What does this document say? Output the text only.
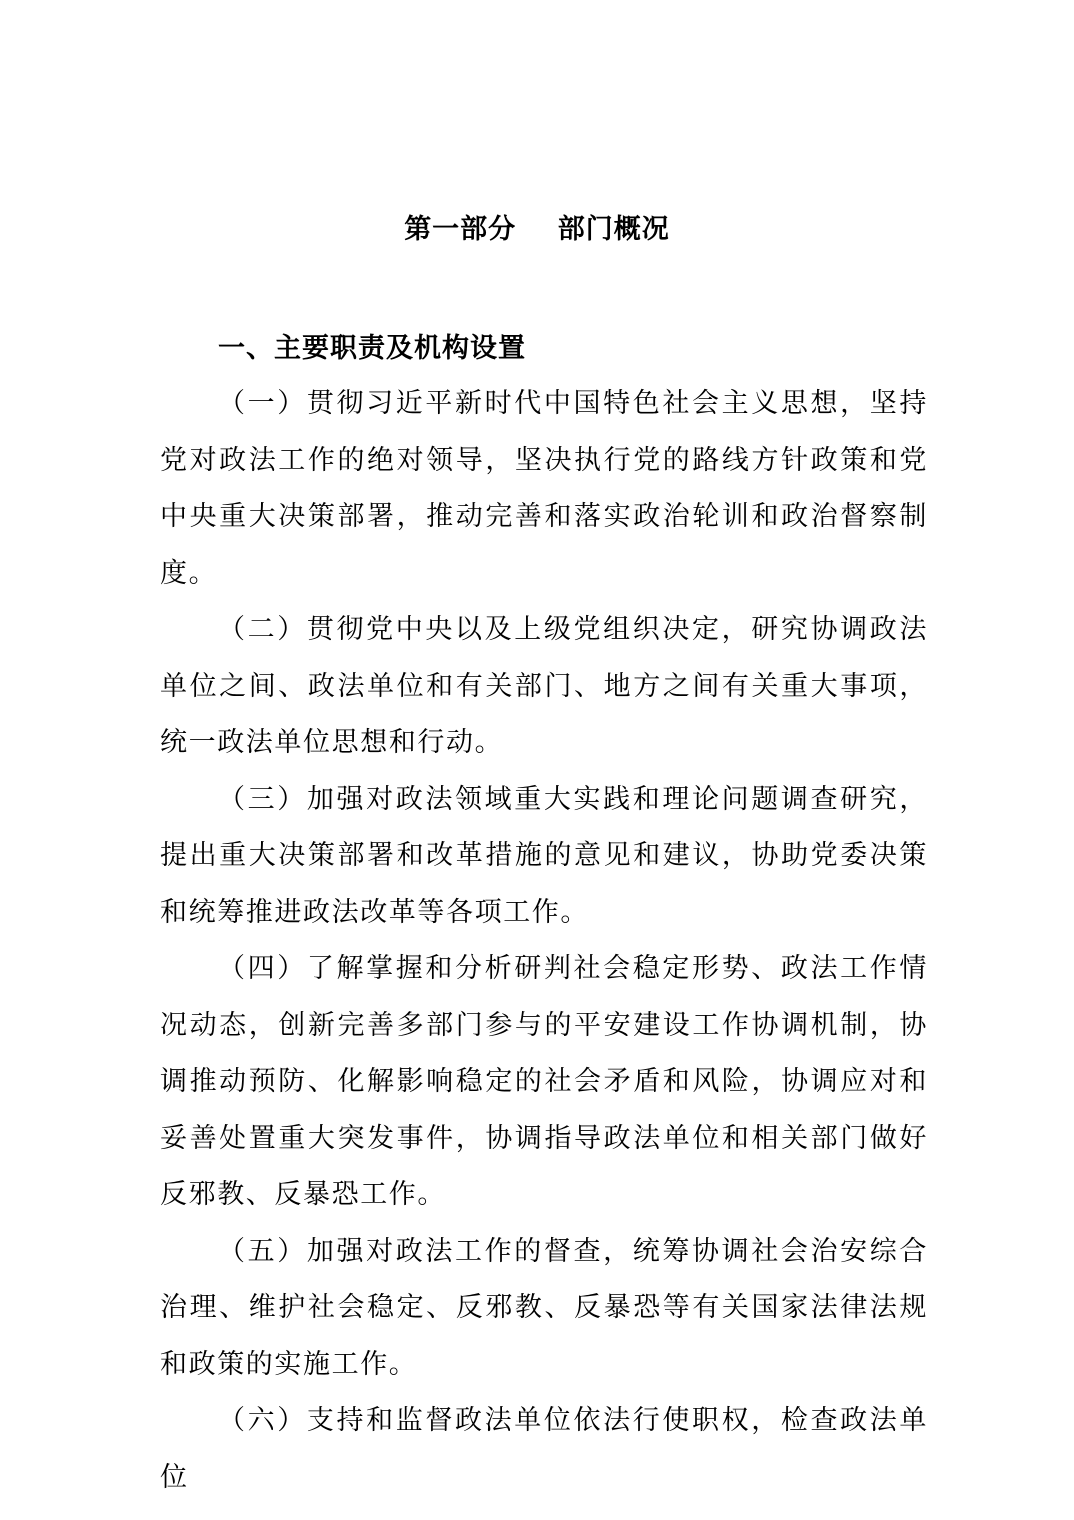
第一部分    部门概况
一、主要职责及机构设置

（一）贯彻习近平新时代中国特色社会主义思想，坚持党对政法工作的绝对领导，坚决执行党的路线方针政策和党中央重大决策部署，推动完善和落实政治轮训和政治督察制度。

（二）贯彻党中央以及上级党组织决定，研究协调政法单位之间、政法单位和有关部门、地方之间有关重大事项，统一政法单位思想和行动。

（三）加强对政法领域重大实践和理论问题调查研究，提出重大决策部署和改革措施的意见和建议，协助党委决策和统筹推进政法改革等各项工作。

（四）了解掌握和分析研判社会稳定形势、政法工作情况动态，创新完善多部门参与的平安建设工作协调机制，协调推动预防、化解影响稳定的社会矛盾和风险，协调应对和妥善处置重大突发事件，协调指导政法单位和相关部门做好反邪教、反暴恐工作。

（五）加强对政法工作的督查，统筹协调社会治安综合治理、维护社会稳定、反邪教、反暴恐等有关国家法律法规和政策的实施工作。

（六）支持和监督政法单位依法行使职权，检查政法单位
